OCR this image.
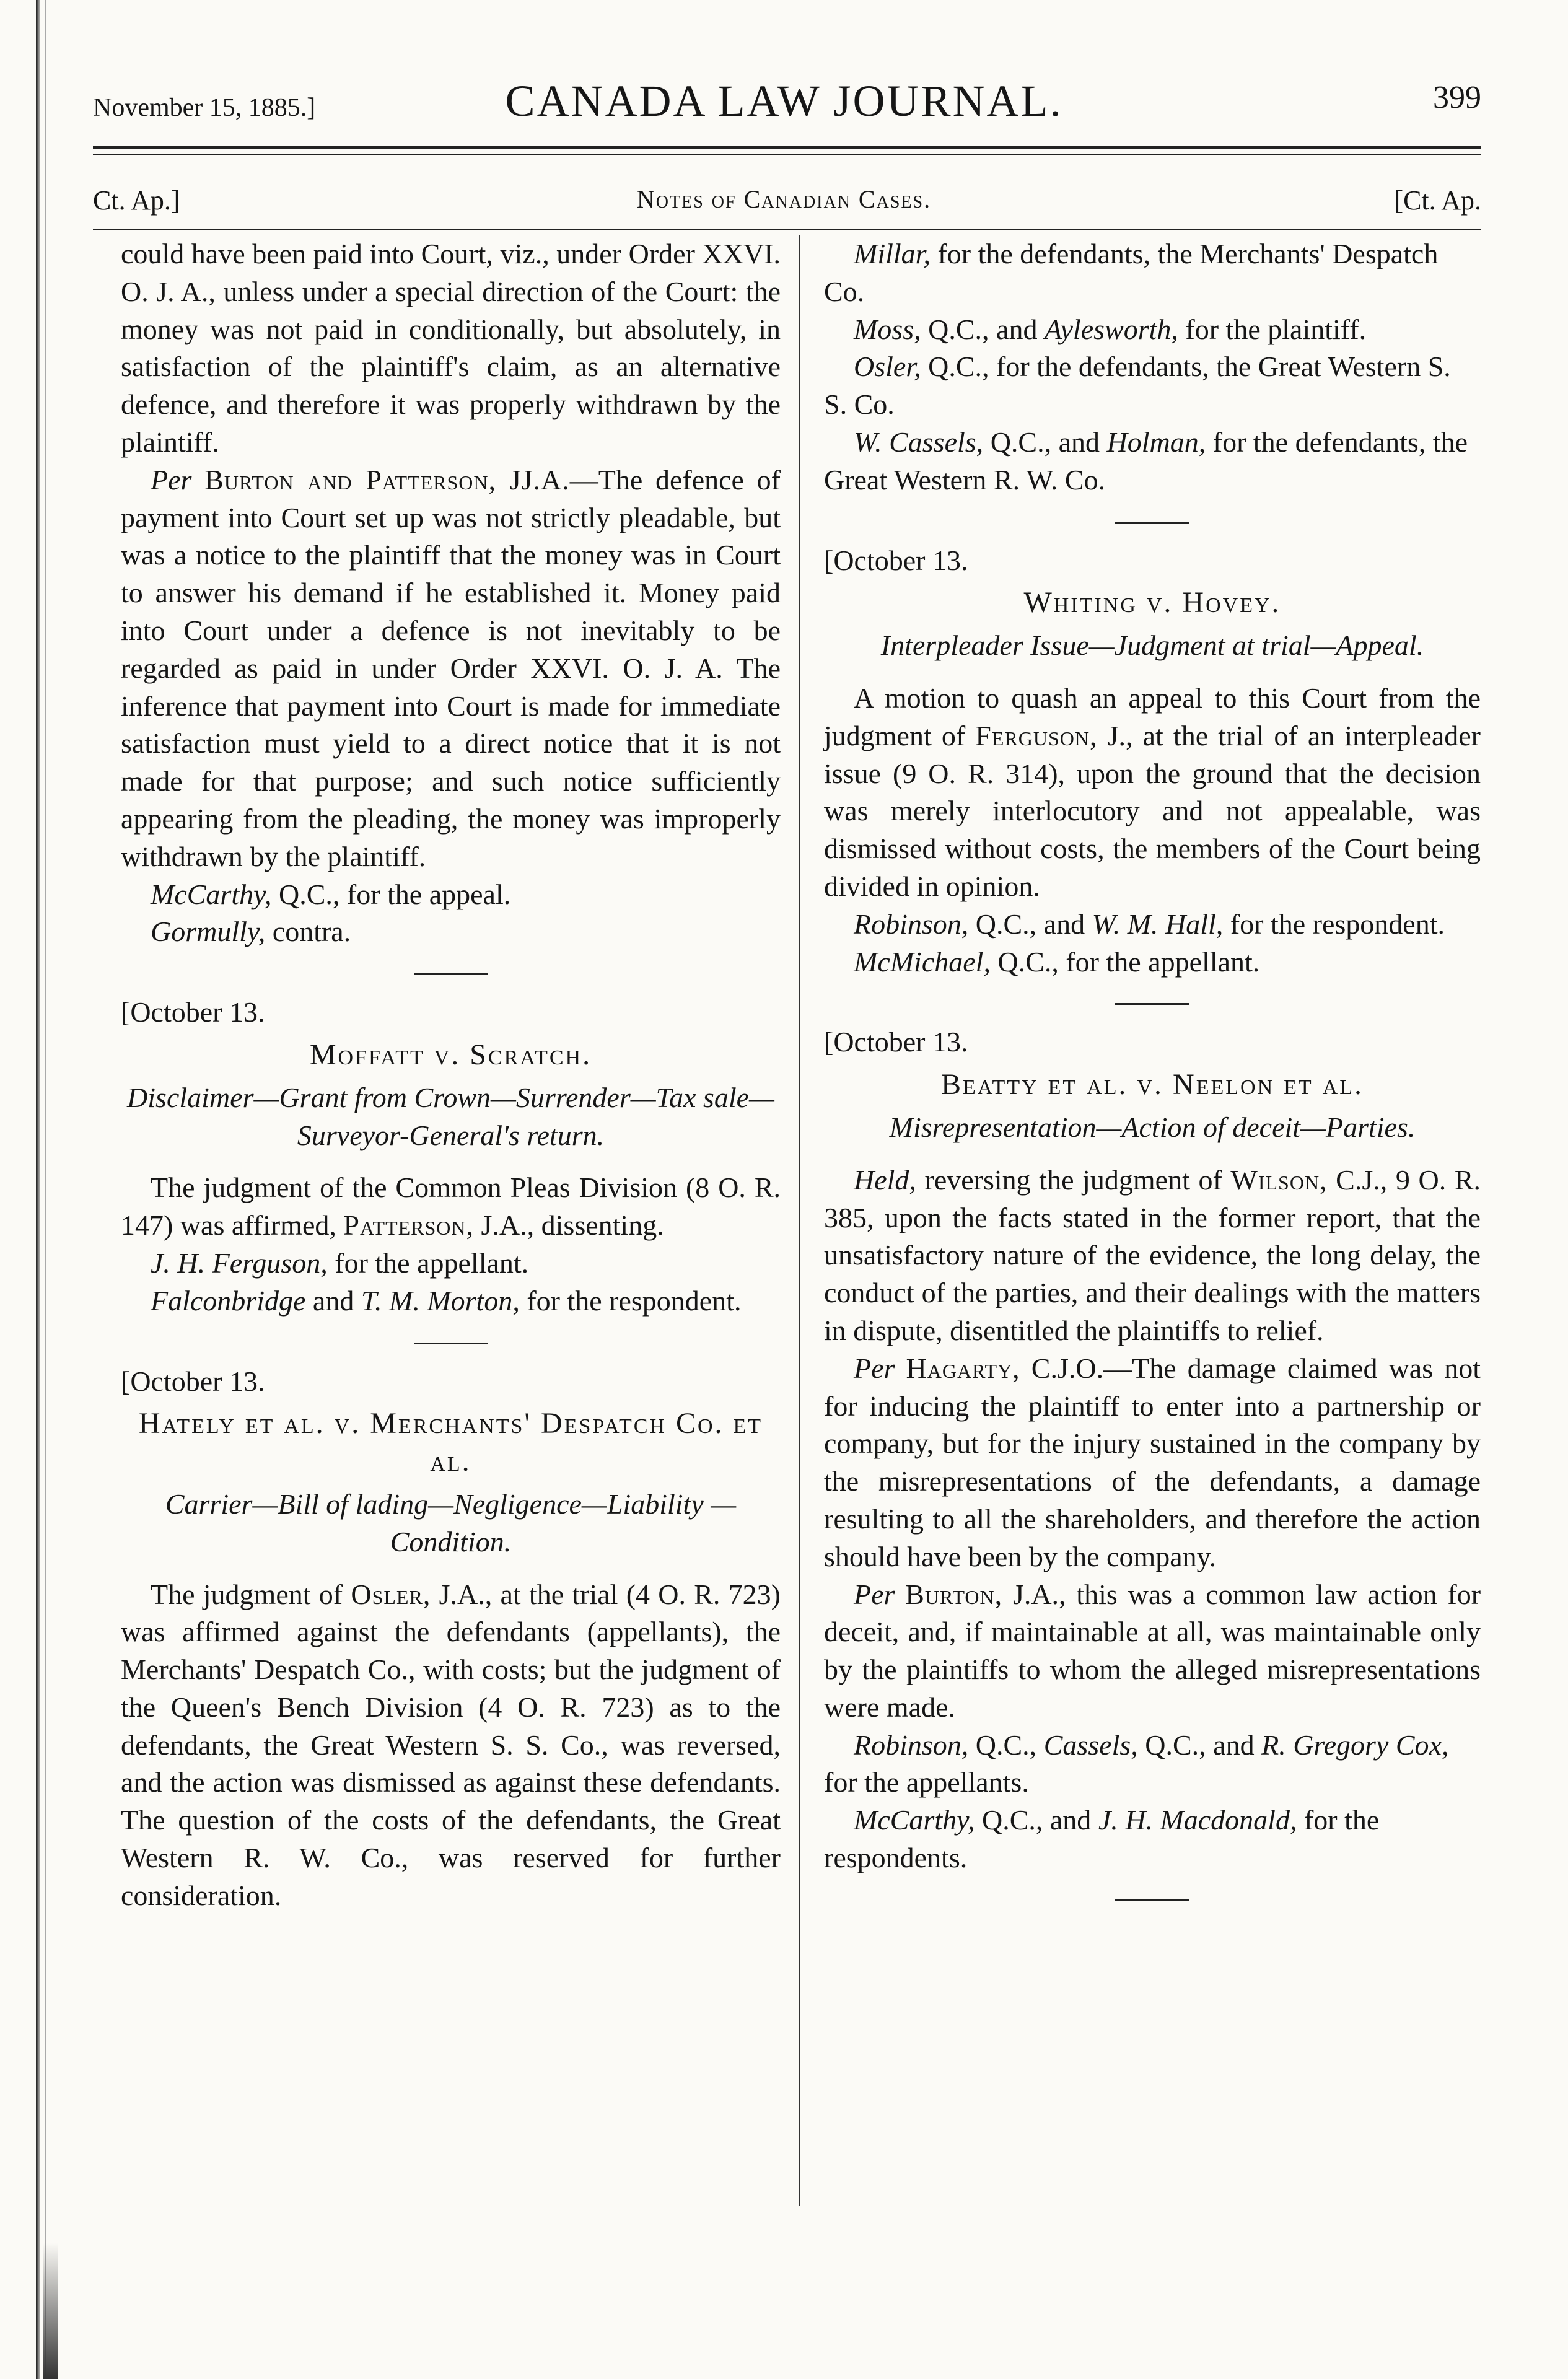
November 15, 1885.]	CANADA LAW JOURNAL.	399
Ct. Ap.]	Notes of Canadian Cases.	[Ct. Ap.

could have been paid into Court, viz., under Order XXVI. O. J. A., unless under a special direction of the Court: the money was not paid in conditionally, but absolutely, in satisfaction of the plaintiff's claim, as an alternative defence, and therefore it was properly withdrawn by the plaintiff.

Per Burton and Patterson, JJ.A.—The defence of payment into Court set up was not strictly pleadable, but was a notice to the plaintiff that the money was in Court to answer his demand if he established it. Money paid into Court under a defence is not inevitably to be regarded as paid in under Order XXVI. O. J. A. The inference that payment into Court is made for immediate satisfaction must yield to a direct notice that it is not made for that purpose; and such notice sufficiently appearing from the pleading, the money was improperly withdrawn by the plaintiff.

McCarthy, Q.C., for the appeal.

Gormully, contra.

[October 13.

Moffatt v. Scratch.
Disclaimer—Grant from Crown—Surrender—Tax sale—Surveyor-General's return.

The judgment of the Common Pleas Division (8 O. R. 147) was affirmed, Patterson, J.A., dissenting.

J. H. Ferguson, for the appellant.

Falconbridge and T. M. Morton, for the respondent.

[October 13.

Hately et al. v. Merchants' Despatch Co. et al.
Carrier—Bill of lading—Negligence—Liability —Condition.

The judgment of Osler, J.A., at the trial (4 O. R. 723) was affirmed against the defendants (appellants), the Merchants' Despatch Co., with costs; but the judgment of the Queen's Bench Division (4 O. R. 723) as to the defendants, the Great Western S. S. Co., was reversed, and the action was dismissed as against these defendants. The question of the costs of the defendants, the Great Western R. W. Co., was reserved for further consideration.

Millar, for the defendants, the Merchants' Despatch Co.

Moss, Q.C., and Aylesworth, for the plaintiff.

Osler, Q.C., for the defendants, the Great Western S. S. Co.

W. Cassels, Q.C., and Holman, for the defendants, the Great Western R. W. Co.

[October 13.

Whiting v. Hovey.
Interpleader Issue—Judgment at trial—Appeal.

A motion to quash an appeal to this Court from the judgment of Ferguson, J., at the trial of an interpleader issue (9 O. R. 314), upon the ground that the decision was merely interlocutory and not appealable, was dismissed without costs, the members of the Court being divided in opinion.

Robinson, Q.C., and W. M. Hall, for the respondent.

McMichael, Q.C., for the appellant.

[October 13.

Beatty et al. v. Neelon et al.
Misrepresentation—Action of deceit—Parties.

Held, reversing the judgment of Wilson, C.J., 9 O. R. 385, upon the facts stated in the former report, that the unsatisfactory nature of the evidence, the long delay, the conduct of the parties, and their dealings with the matters in dispute, disentitled the plaintiffs to relief.

Per Hagarty, C.J.O.—The damage claimed was not for inducing the plaintiff to enter into a partnership or company, but for the injury sustained in the company by the misrepresentations of the defendants, a damage resulting to all the shareholders, and therefore the action should have been by the company.

Per Burton, J.A., this was a common law action for deceit, and, if maintainable at all, was maintainable only by the plaintiffs to whom the alleged misrepresentations were made.

Robinson, Q.C., Cassels, Q.C., and R. Gregory Cox, for the appellants.

McCarthy, Q.C., and J. H. Macdonald, for the respondents.
